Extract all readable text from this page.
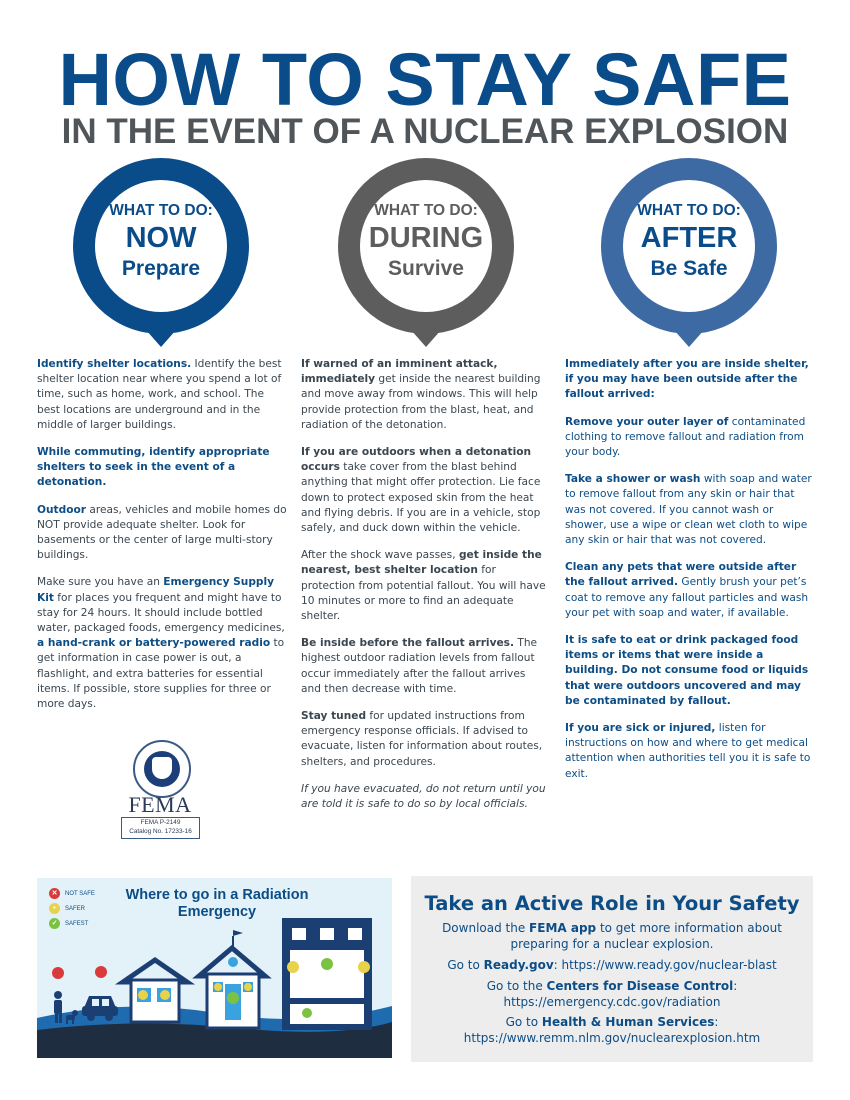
HOW TO STAY SAFE
IN THE EVENT OF A NUCLEAR EXPLOSION
WHAT TO DO:
NOW
Prepare
WHAT TO DO:
DURING
Survive
WHAT TO DO:
AFTER
Be Safe

Identify shelter locations. Identify the best shelter location near where you spend a lot of time, such as home, work, and school. The best locations are underground and in the middle of larger buildings.

While commuting, identify appropriate shelters to seek in the event of a detonation.

Outdoor areas, vehicles and mobile homes do NOT provide adequate shelter. Look for basements or the center of large multi-story buildings.

Make sure you have an Emergency Supply Kit for places you frequent and might have to stay for 24 hours. It should include bottled water, packaged foods, emergency medicines, a hand-crank or battery-powered radio to get information in case power is out, a flashlight, and extra batteries for essential items. If possible, store supplies for three or more days.

If warned of an imminent attack, immediately get inside the nearest building and move away from windows. This will help provide protection from the blast, heat, and radiation of the detonation.

If you are outdoors when a detonation occurs take cover from the blast behind anything that might offer protection. Lie face down to protect exposed skin from the heat and flying debris. If you are in a vehicle, stop safely, and duck down within the vehicle.

After the shock wave passes, get inside the nearest, best shelter location for protection from potential fallout. You will have 10 minutes or more to find an adequate shelter.

Be inside before the fallout arrives. The highest outdoor radiation levels from fallout occur immediately after the fallout arrives and then decrease with time.

Stay tuned for updated instructions from emergency response officials. If advised to evacuate, listen for information about routes, shelters, and procedures.

If you have evacuated, do not return until you are told it is safe to do so by local officials.

Immediately after you are inside shelter, if you may have been outside after the fallout arrived:

Remove your outer layer of contaminated clothing to remove fallout and radiation from your body.

Take a shower or wash with soap and water to remove fallout from any skin or hair that was not covered. If you cannot wash or shower, use a wipe or clean wet cloth to wipe any skin or hair that was not covered.

Clean any pets that were outside after the fallout arrived. Gently brush your pet’s coat to remove any fallout particles and wash your pet with soap and water, if available.

It is safe to eat or drink packaged food items or items that were inside a building. Do not consume food or liquids that were outdoors uncovered and may be contaminated by fallout.

If you are sick or injured, listen for instructions on how and where to get medical attention when authorities tell you it is safe to exit.

FEMA
FEMA P-2149
Catalog No. 17233-16
✕	NOT SAFE
•	SAFER
✓	SAFEST
Where to go in a Radiation Emergency	Take an Active Role in Your Safety
Download the FEMA app to get more information about
preparing for a nuclear explosion.
Go to Ready.gov: https://www.ready.gov/nuclear-blast
Go to the Centers for Disease Control:
https://emergency.cdc.gov/radiation
Go to Health & Human Services:
https://www.remm.nlm.gov/nuclearexplosion.htm
